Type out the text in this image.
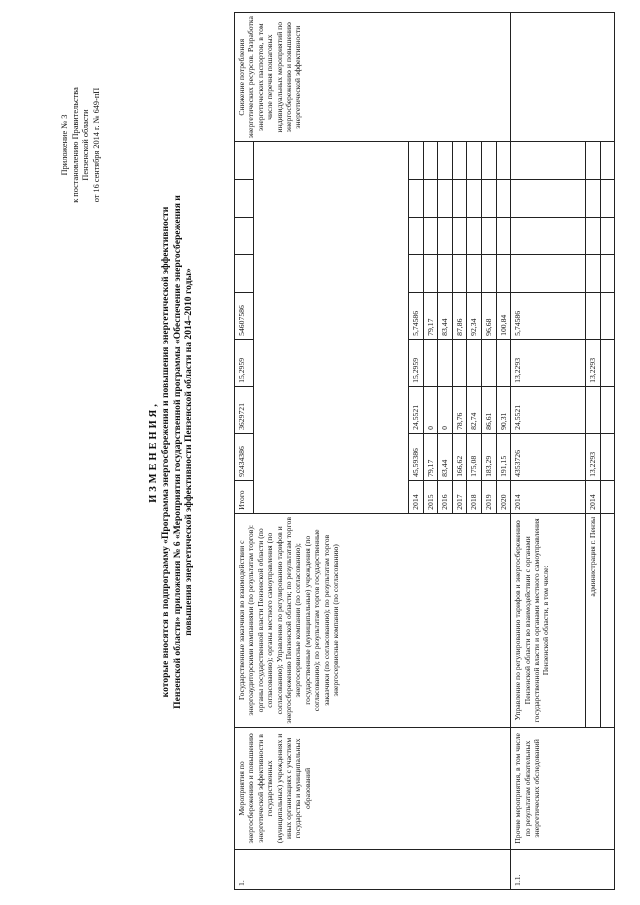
Приложение № 3 к постановлению Правительства Пензенской области от 16 сентября 2014 г. № 649-пП
ИЗМЕНЕНИЯ, которые вносятся в подпрограмму «Программа энергосбережения и повышения энергетической эффективности Пензенской области» приложения № 6 «Мероприятия государственной программы «Обеспечение энергосбережения и повышения энергетической эффективности Пензенской области на 2014–2010 годы»
1.	Мероприятия по энергосбережению и повышению энергетической эффективности в государственных (муниципальных) учреждениях и иных организациях с участием государства и муниципальных образований	Государственные заказчики во взаимодействии с энергоаудиторскими компаниями (по результатам торгов): органы государственной власти Пензенской области (по согласованию); органы местного самоуправления (по согласованию); Управление по регулированию тарифов и энергосбережению Пензенской области; по результатам торгов энергосервисные компании (по согласованию); государственные (муниципальные) учреждения (по согласованию); по результатам торгов государственные заказчики (по согласованию); по результатам торгов энергосервисные компании (по согласованию)	Итого	92434386	3629721	15,2959	54607586					Снижение потребления энергетических ресурсов. Разработка энергетических паспортов, в том числе перечня пошаговых индивидуальных мероприятий по энергосбережению и повышению энергетической эффективности

			2014	45,59386	24,5521	15,2959	5,74586					
			2015	79,17	0		79,17					
			2016	83,44	0		83,44					
			2017	166,62	78,76		87,86					
			2018	175,08	82,74		92,34					
			2019	183,29	86,61		96,68					
			2020	191,15	90,31		100,84					
1.1.	Прочие мероприятия, в том числе по результатам обязательных энергетических обследований	Управление по регулированию тарифов и энергосбережению Пензенской области во взаимодействии с органами государственной власти и органами местного самоуправления Пензенской области, в том числе:	2014	4353726	24,5521	13,2293	5,74586					
		администрация г. Пензы	2014	13,2293		13,2293						
